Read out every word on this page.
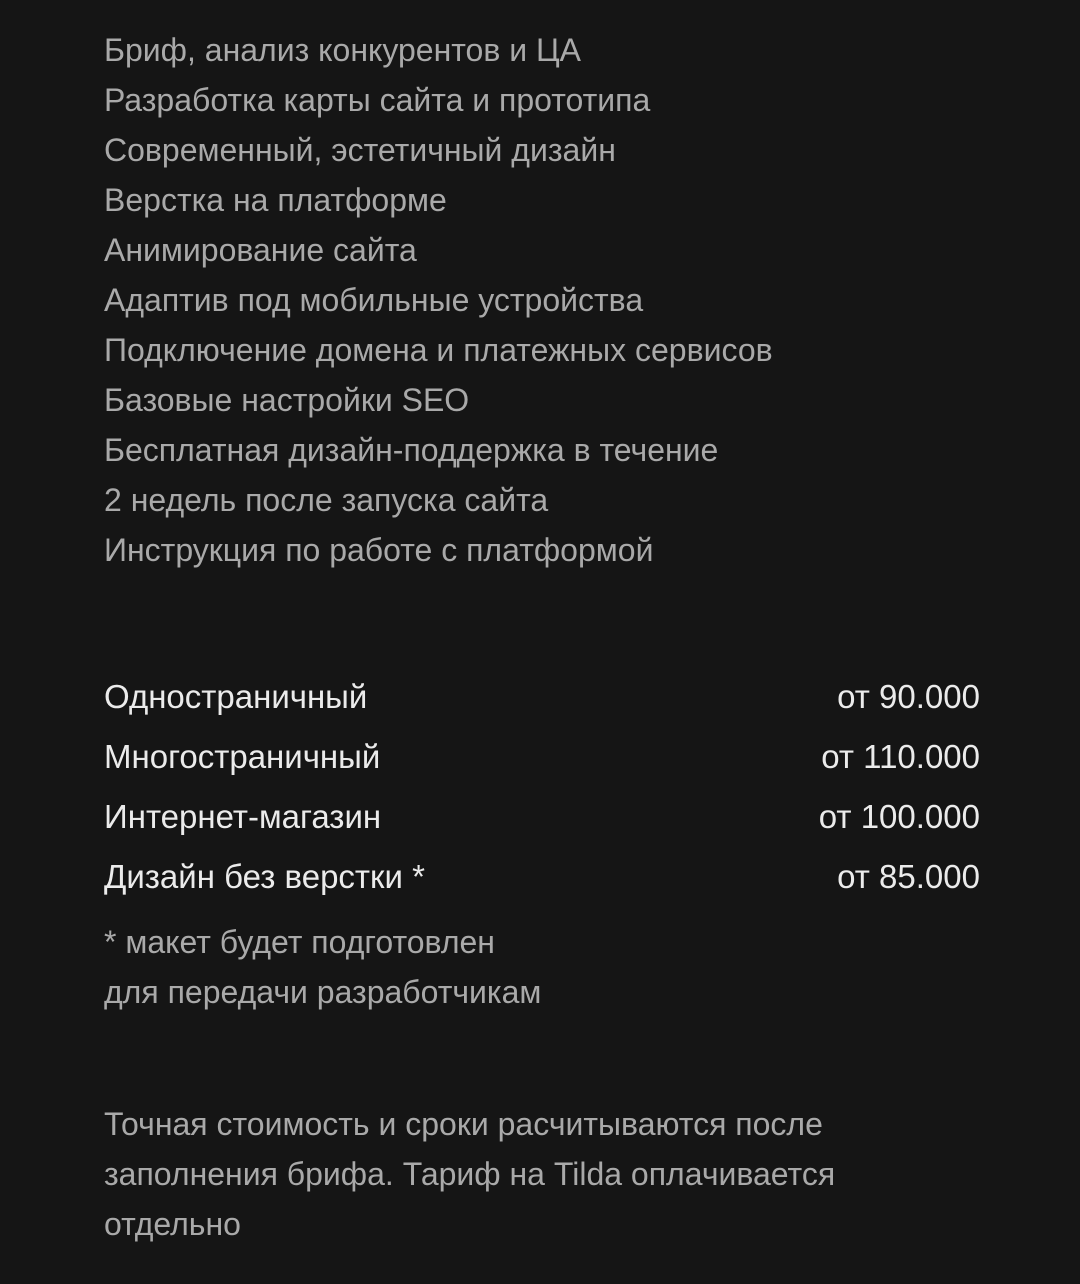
Бриф, анализ конкурентов и ЦА
Разработка карты сайта и прототипа
Современный, эстетичный дизайн
Верстка на платформе
Анимирование сайта
Адаптив под мобильные устройства
Подключение домена и платежных сервисов
Базовые настройки SEO
Бесплатная дизайн-поддержка в течение
2 недель после запуска сайта
Инструкция по работе с платформой
Одностраничный	от 90.000
Многостраничный	от 110.000
Интернет-магазин	от 100.000
Дизайн без верстки *	от 85.000
* макет будет подготовлен
для передачи разработчикам
Точная стоимость и сроки расчитываются после
заполнения брифа. Тариф на Tilda оплачивается
отдельно
